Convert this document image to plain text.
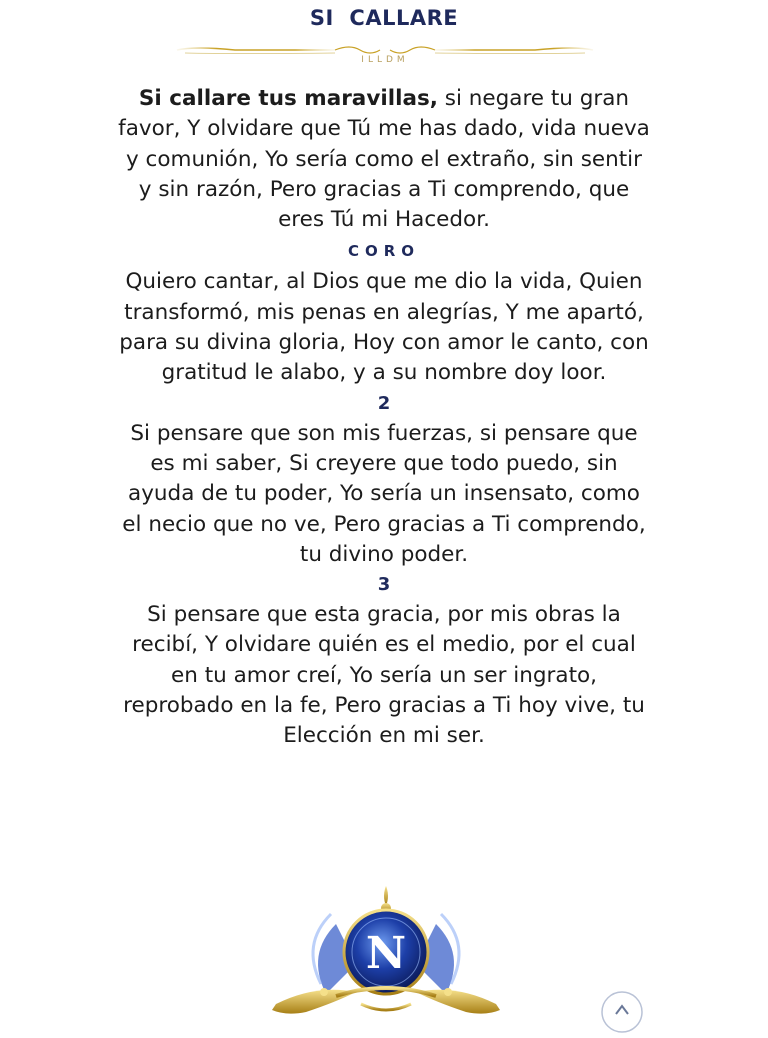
SI  CALLARE
ILLDM

Si callare tus maravillas, si negare tu gran favor, Y olvidare que Tú me has dado, vida nueva y comunión, Yo sería como el extraño, sin sentir y sin razón, Pero gracias a Ti comprendo, que eres Tú mi Hacedor.

CORO

Quiero cantar, al Dios que me dio la vida, Quien transformó, mis penas en alegrías, Y me apartó, para su divina gloria, Hoy con amor le canto, con gratitud le alabo, y a su nombre doy loor.

2

Si pensare que son mis fuerzas, si pensare que es mi saber, Si creyere que todo puedo, sin ayuda de tu poder, Yo sería un insensato, como el necio que no ve, Pero gracias a Ti comprendo, tu divino poder.

3

Si pensare que esta gracia, por mis obras la recibí, Y olvidare quién es el medio, por el cual en tu amor creí, Yo sería un ser ingrato, reprobado en la fe, Pero gracias a Ti hoy vive, tu Elección en mi ser.

N
